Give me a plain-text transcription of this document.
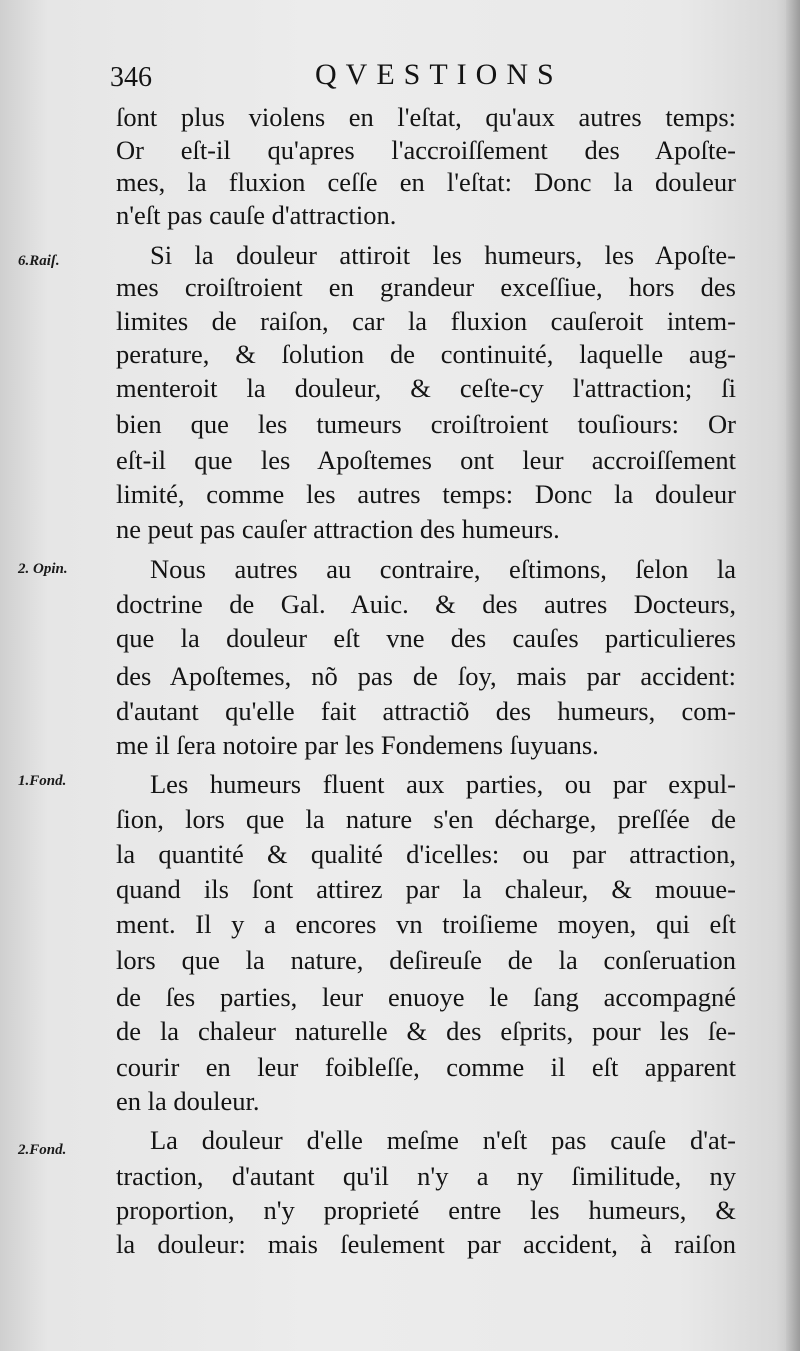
346	QVESTIONS
6.Raiſ.
2. Opin.
1.Fond.
2.Fond.
ſont plus violens en l'eſtat, qu'aux autres temps:
Or eſt-il qu'apres l'accroiſſement des Apoſte-
mes, la fluxion ceſſe en l'eſtat: Donc la douleur
n'eſt pas cauſe d'attraction.
Si la douleur attiroit les humeurs, les Apoſte-
mes croiſtroient en grandeur exceſſiue, hors des
limites de raiſon, car la fluxion cauſeroit intem-
perature, & ſolution de continuité, laquelle aug-
menteroit la douleur, & ceſte-cy l'attraction; ſi
bien que les tumeurs croiſtroient touſiours: Or
eſt-il que les Apoſtemes ont leur accroiſſement
limité, comme les autres temps: Donc la douleur
ne peut pas cauſer attraction des humeurs.
Nous autres au contraire, eſtimons, ſelon la
doctrine de Gal. Auic. & des autres Docteurs,
que la douleur eſt vne des cauſes particulieres
des Apoſtemes, nõ pas de ſoy, mais par accident:
d'autant qu'elle fait attractiõ des humeurs, com-
me il ſera notoire par les Fondemens ſuyuans.
Les humeurs fluent aux parties, ou par expul-
ſion, lors que la nature s'en décharge, preſſée de
la quantité & qualité d'icelles: ou par attraction,
quand ils ſont attirez par la chaleur, & mouue-
ment. Il y a encores vn troiſieme moyen, qui eſt
lors que la nature, deſireuſe de la conſeruation
de ſes parties, leur enuoye le ſang accompagné
de la chaleur naturelle & des eſprits, pour les ſe-
courir en leur foibleſſe, comme il eſt apparent
en la douleur.
La douleur d'elle meſme n'eſt pas cauſe d'at-
traction, d'autant qu'il n'y a ny ſimilitude, ny
proportion, n'y proprieté entre les humeurs, &
la douleur: mais ſeulement par accident, à raiſon
